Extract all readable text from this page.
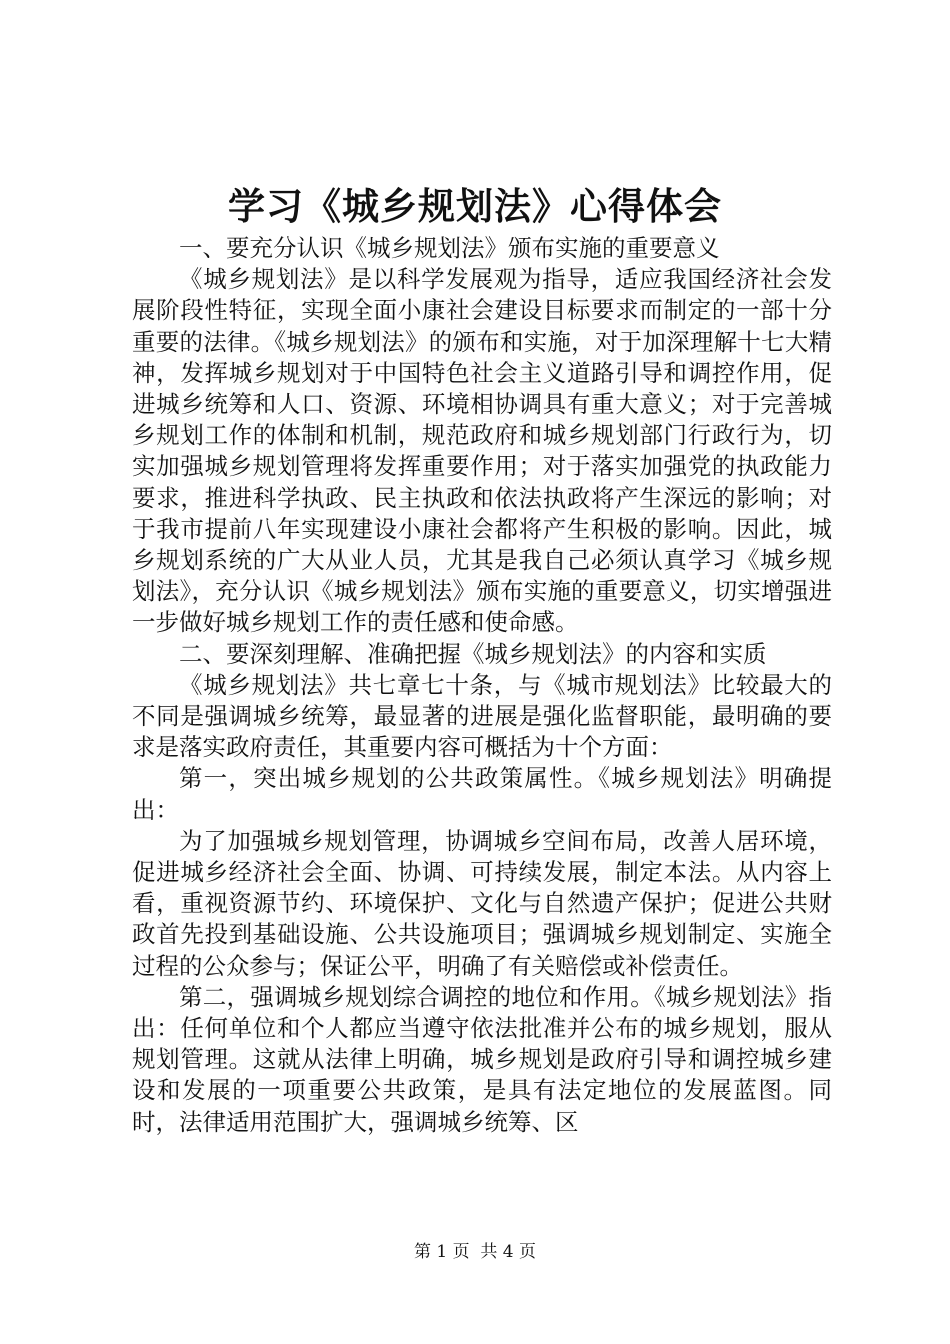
学习《城乡规划法》心得体会

一、要充分认识《城乡规划法》颁布实施的重要意义

《城乡规划法》是以科学发展观为指导，适应我国经济社会发展阶段性特征，实现全面小康社会建设目标要求而制定的一部十分重要的法律。《城乡规划法》的颁布和实施，对于加深理解十七大精神，发挥城乡规划对于中国特色社会主义道路引导和调控作用，促进城乡统筹和人口、资源、环境相协调具有重大意义；对于完善城乡规划工作的体制和机制，规范政府和城乡规划部门行政行为，切实加强城乡规划管理将发挥重要作用；对于落实加强党的执政能力要求，推进科学执政、民主执政和依法执政将产生深远的影响；对于我市提前八年实现建设小康社会都将产生积极的影响。因此，城乡规划系统的广大从业人员，尤其是我自己必须认真学习《城乡规划法》，充分认识《城乡规划法》颁布实施的重要意义，切实增强进一步做好城乡规划工作的责任感和使命感。

二、要深刻理解、准确把握《城乡规划法》的内容和实质

《城乡规划法》共七章七十条，与《城市规划法》比较最大的不同是强调城乡统筹，最显著的进展是强化监督职能，最明确的要求是落实政府责任，其重要内容可概括为十个方面：

第一，突出城乡规划的公共政策属性。《城乡规划法》明确提出：

为了加强城乡规划管理，协调城乡空间布局，改善人居环境，促进城乡经济社会全面、协调、可持续发展，制定本法。从内容上看，重视资源节约、环境保护、文化与自然遗产保护；促进公共财政首先投到基础设施、公共设施项目；强调城乡规划制定、实施全过程的公众参与；保证公平，明确了有关赔偿或补偿责任。

第二，强调城乡规划综合调控的地位和作用。《城乡规划法》指出：任何单位和个人都应当遵守依法批准并公布的城乡规划，服从规划管理。这就从法律上明确，城乡规划是政府引导和调控城乡建设和发展的一项重要公共政策，是具有法定地位的发展蓝图。同时，法律适用范围扩大，强调城乡统筹、区

第 1 页  共 4 页
